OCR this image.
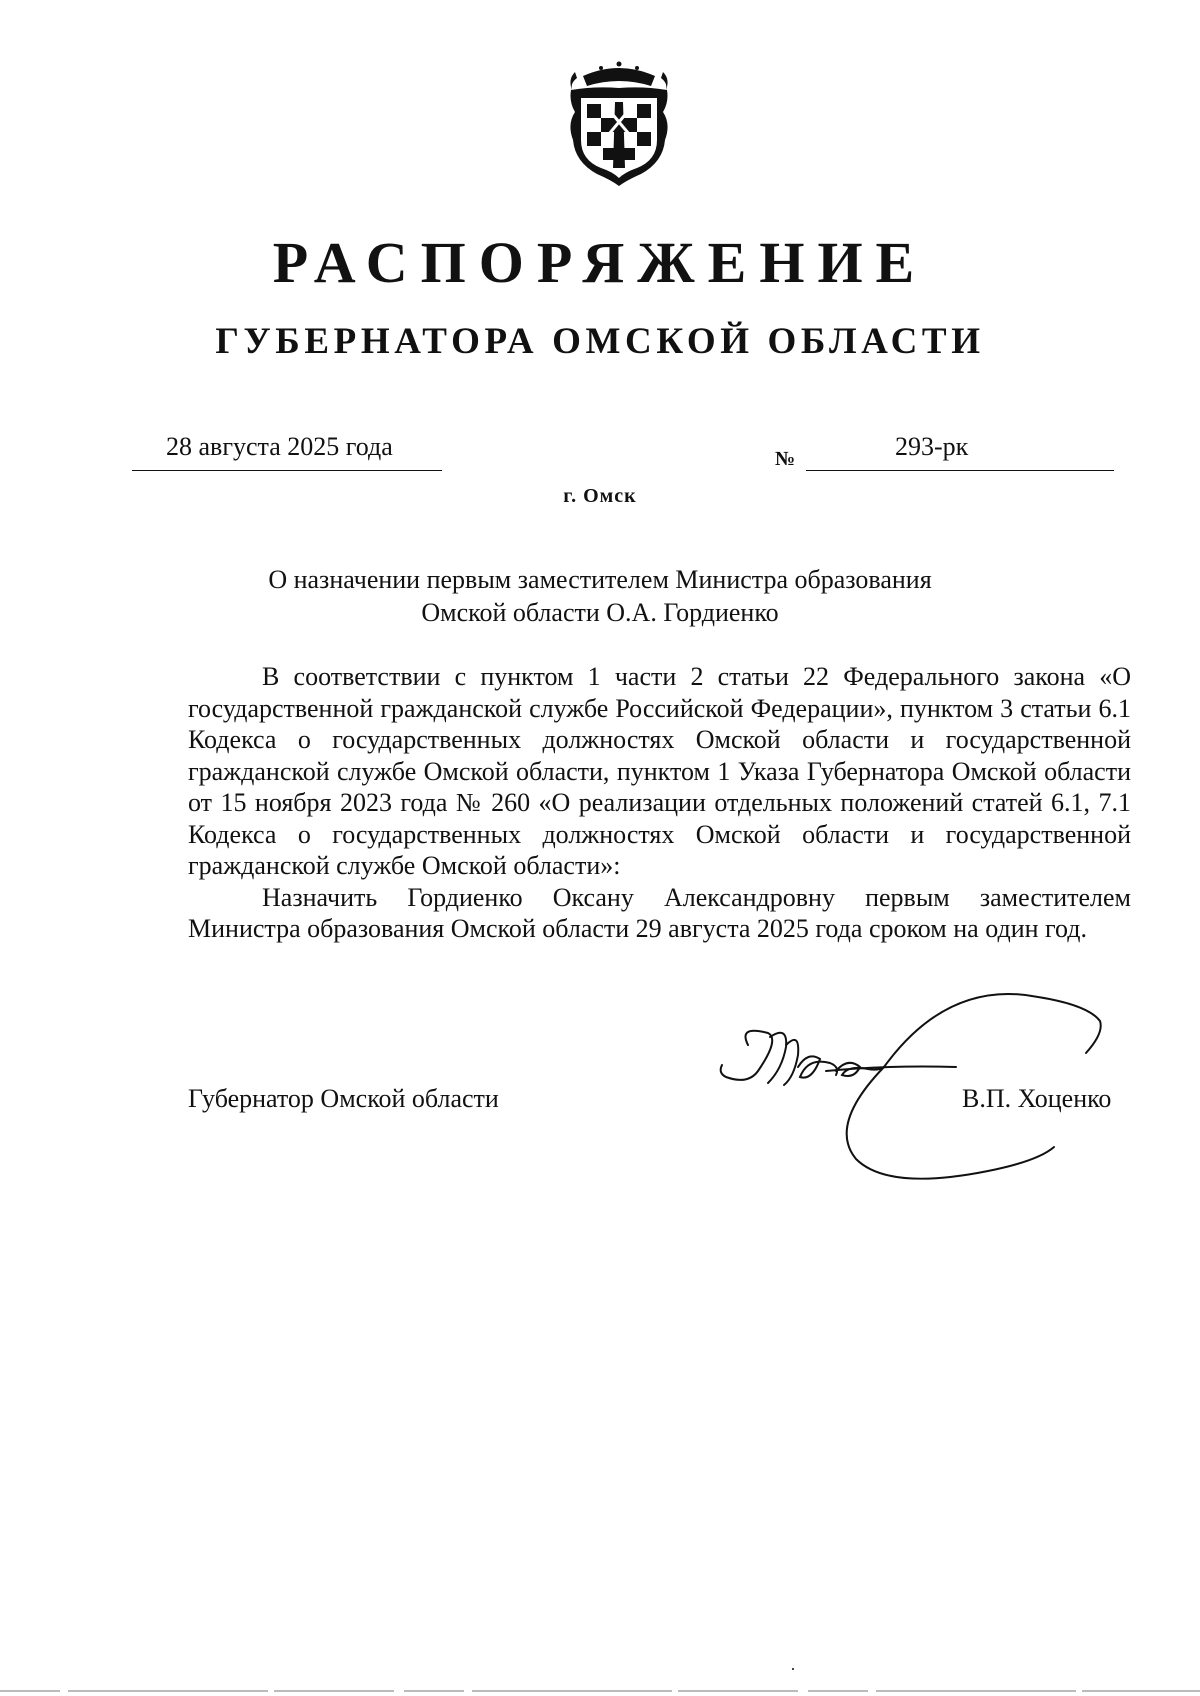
РАСПОРЯЖЕНИЕ
ГУБЕРНАТОРА ОМСКОЙ ОБЛАСТИ
28 августа 2025 года	№	293-рк
г. Омск
О назначении первым заместителем Министра образования
Омской области О.А. Гордиенко

В соответствии с пунктом 1 части 2 статьи 22 Федерального закона «О государственной гражданской службе Российской Федерации», пунктом 3 статьи 6.1 Кодекса о государственных должностях Омской области и государственной гражданской службе Омской области, пунктом 1 Указа Губернатора Омской области от 15 ноября 2023 года № 260 «О реализации отдельных положений статей 6.1, 7.1 Кодекса о государственных должностях Омской области и государственной гражданской службе Омской области»:

Назначить Гордиенко Оксану Александровну первым заместителем Министра образования Омской области 29 августа 2025 года сроком на один год.

Губернатор Омской области	В.П. Хоценко
